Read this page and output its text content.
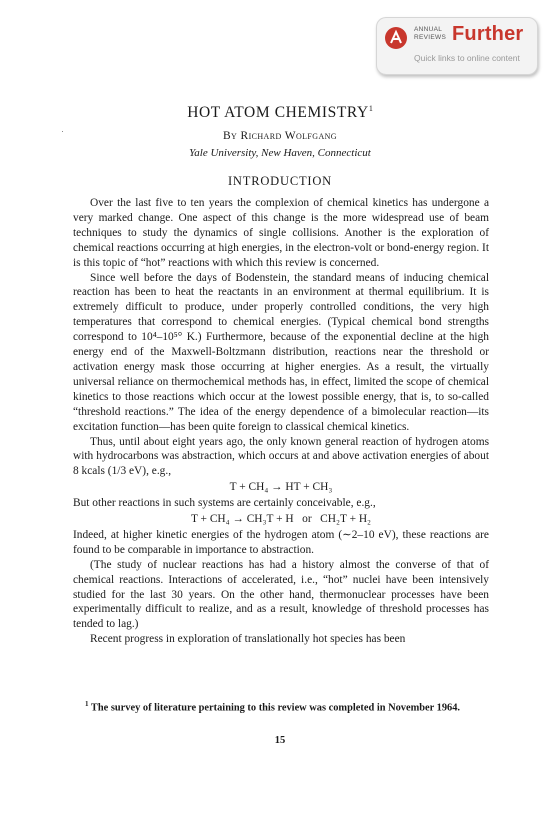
ANNUAL
REVIEWS Further
Quick links to online content
HOT ATOM CHEMISTRY$^1$
By Richard Wolfgang
Yale University, New Haven, Connecticut
INTRODUCTION

Over the last five to ten years the complexion of chemical kinetics has undergone a very marked change. One aspect of this change is the more widespread use of beam techniques to study the dynamics of single collisions. Another is the exploration of chemical reactions occurring at high energies, in the electron-volt or bond-energy region. It is this topic of “hot” reactions with which this review is concerned.

Since well before the days of Bodenstein, the standard means of inducing chemical reaction has been to heat the reactants in an environment at thermal equilibrium. It is extremely difficult to produce, under properly controlled conditions, the very high temperatures that correspond to chemical energies. (Typical chemical bond strengths correspond to 10⁴–10⁵° K.) Furthermore, because of the exponential decline at the high energy end of the Maxwell-Boltzmann distribution, reactions near the threshold or activation energy mask those occurring at higher energies. As a result, the virtually universal reliance on thermochemical methods has, in effect, limited the scope of chemical kinetics to those reactions which occur at the lowest possible energy, that is, to so-called “threshold reactions.” The idea of the energy dependence of a bimolecular reaction—its excitation function—has been quite foreign to classical chemical kinetics.

Thus, until about eight years ago, the only known general reaction of hydrogen atoms with hydrocarbons was abstraction, which occurs at and above activation energies of about 8 kcals (1/3 eV), e.g.,

T + CH₄ → HT + CH₃

But other reactions in such systems are certainly conceivable, e.g.,

T + CH₄ → CH₃T + H   or   CH₂T + H₂

Indeed, at higher kinetic energies of the hydrogen atom (∼2–10 eV), these reactions are found to be comparable in importance to abstraction.

(The study of nuclear reactions has had a history almost the converse of that of chemical reactions. Interactions of accelerated, i.e., “hot” nuclei have been intensively studied for the last 30 years. On the other hand, thermonuclear processes have been experimentally difficult to realize, and as a result, knowledge of threshold processes has tended to lag.)

Recent progress in exploration of translationally hot species has been

$^1$ The survey of literature pertaining to this review was completed in November 1964.
15
